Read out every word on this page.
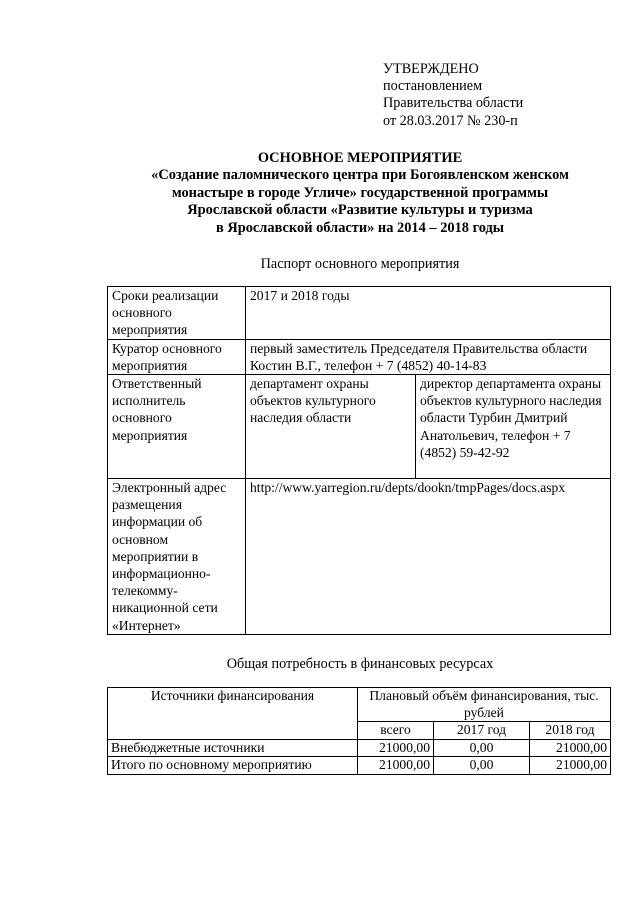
УТВЕРЖДЕНО
постановлением
Правительства области
от 28.03.2017 № 230-п
ОСНОВНОЕ МЕРОПРИЯТИЕ
«Создание паломнического центра при Богоявленском женском
монастыре в городе Угличе» государственной программы
Ярославской области «Развитие культуры и туризма
в Ярославской области» на 2014 – 2018 годы
Паспорт основного мероприятия
Сроки реализации основного мероприятия	2017 и 2018 годы	
Куратор основного мероприятия	первый заместитель Председателя Правительства области Костин В.Г., телефон + 7 (4852) 40-14-83	
Ответственный исполнитель основного мероприятия	департамент охраны объектов культурного наследия области	директор департамента охраны объектов культурного наследия области Турбин Дмитрий Анатольевич, телефон + 7 (4852) 59-42-92
Электронный адрес размещения информации об основном мероприятии в информационно-телекомму-никационной сети «Интернет»	http://www.yarregion.ru/depts/dookn/tmpPages/docs.aspx	
Общая потребность в финансовых ресурсах
Источники финансирования	Плановый объём финансирования, тыс. рублей		
	всего	2017 год	2018 год
Внебюджетные источники	21000,00	0,00	21000,00
Итого по основному мероприятию	21000,00	0,00	21000,00
